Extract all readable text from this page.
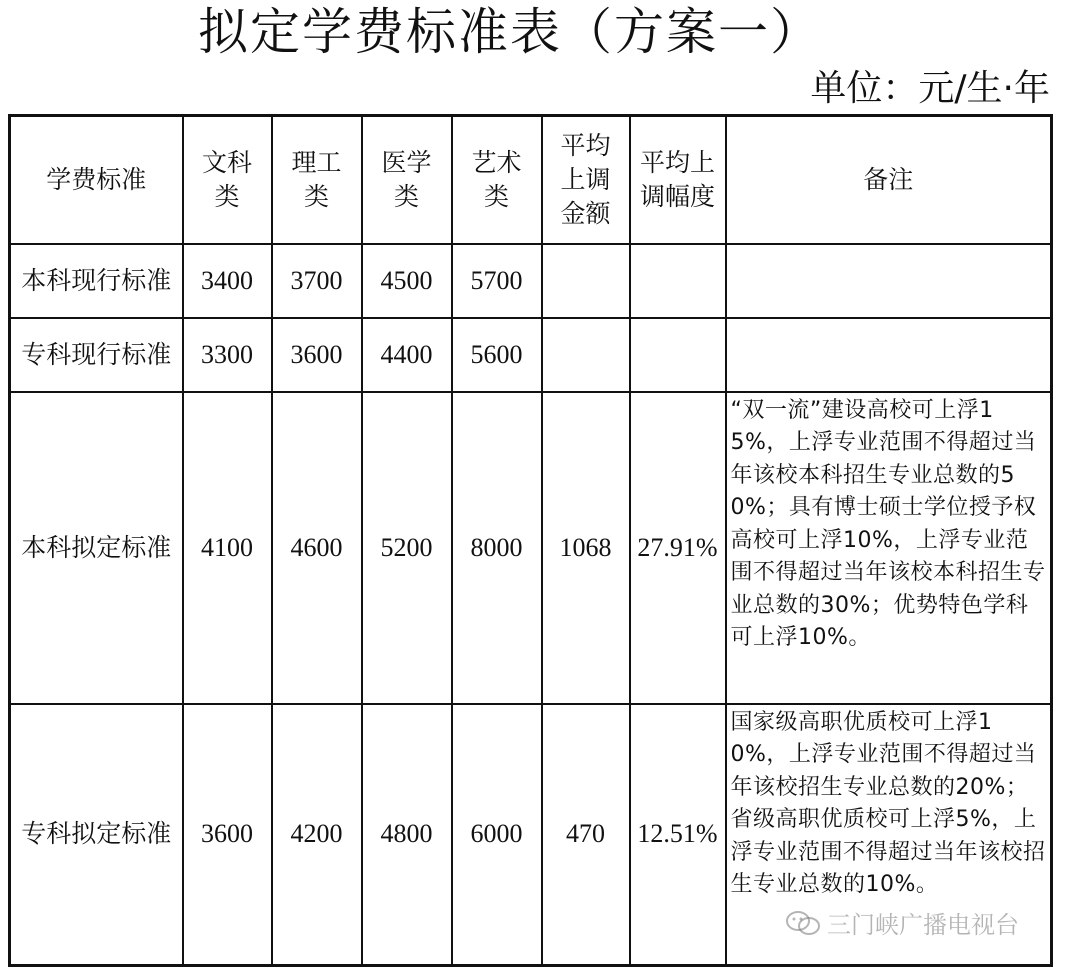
拟定学费标准表（方案一）
单位：元/生·年
学费标准	文科类	理工类	医学类	艺术类	平均上调金额	平均上调幅度	备注
本科现行标准	3400	3700	4500	5700			
专科现行标准	3300	3600	4400	5600			
本科拟定标准	4100	4600	5200	8000	1068	27.91%	“双一流”建设高校可上浮15%，上浮专业范围不得超过当年该校本科招生专业总数的50%；具有博士硕士学位授予权高校可上浮10%，上浮专业范围不得超过当年该校本科招生专业总数的30%；优势特色学科可上浮10%。
专科拟定标准	3600	4200	4800	6000	470	12.51%	国家级高职优质校可上浮10%，上浮专业范围不得超过当年该校招生专业总数的20%；省级高职优质校可上浮5%，上浮专业范围不得超过当年该校招生专业总数的10%。
三门峡广播电视台
